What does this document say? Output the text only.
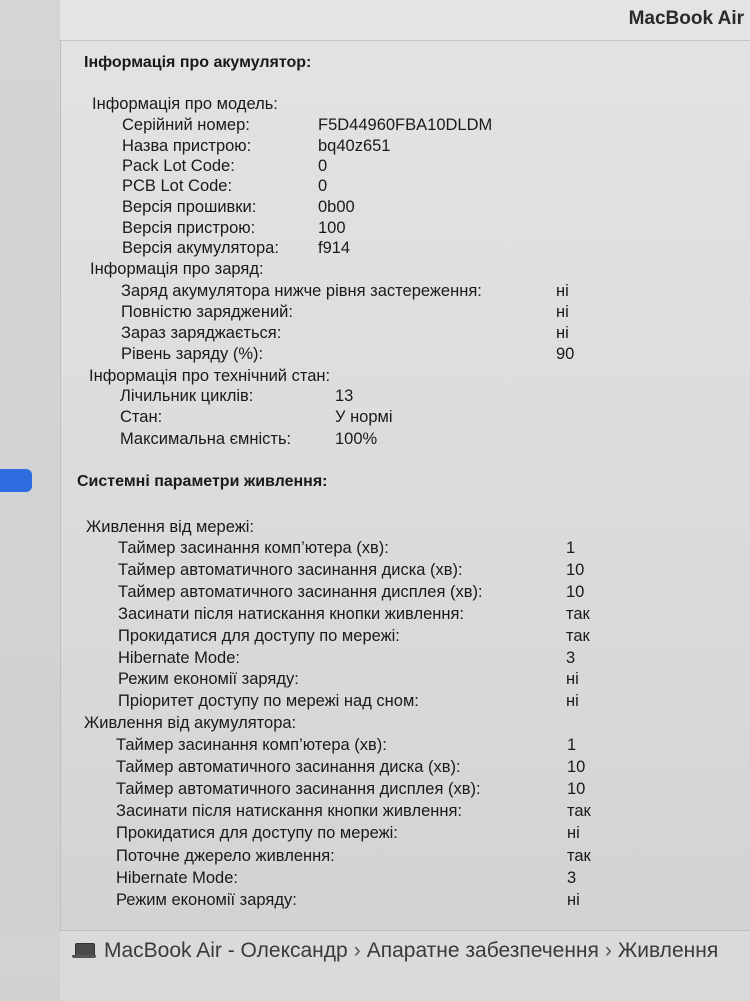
MacBook Air
Інформація про акумулятор:
Інформація про модель:
Серійний номер:	F5D44960FBA10DLDM
Назва пристрою:	bq40z651
Pack Lot Code:	0
PCB Lot Code:	0
Версія прошивки:	0b00
Версія пристрою:	100
Версія акумулятора: f914
Інформація про заряд:
Заряд акумулятора нижче рівня застереження:	ні
Повністю заряджений:	ні
Зараз заряджається:	ні
Рівень заряду (%):	90
Інформація про технічний стан:
Лічильник циклів:	13
Стан:	У нормі
Максимальна ємність:	100%
Системні параметри живлення:
Живлення від мережі:
Таймер засинання комп’ютера (хв):	1
Таймер автоматичного засинання диска (хв):	10
Таймер автоматичного засинання дисплея (хв):	10
Засинати після натискання кнопки живлення:	так
Прокидатися для доступу по мережі:	так
Hibernate Mode:	3
Режим економії заряду:	ні
Пріоритет доступу по мережі над сном:	ні
Живлення від акумулятора:
Таймер засинання комп’ютера (хв):	1
Таймер автоматичного засинання диска (хв):	10
Таймер автоматичного засинання дисплея (хв):	10
Засинати після натискання кнопки живлення:	так
Прокидатися для доступу по мережі:	ні
Поточне джерело живлення:	так
Hibernate Mode:	3
Режим економії заряду:	ні
MacBook Air - Олександр › Апаратне забезпечення › Живлення
